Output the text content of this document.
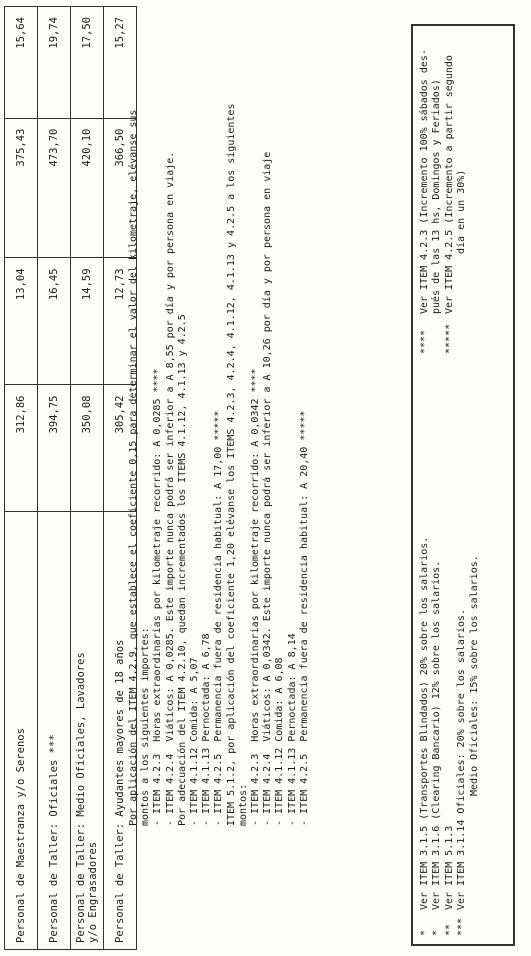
Personal de Maestranza y/o Serenos	312,86	13,04	375,43	15,64
Personal de Taller: Oficiales ***	394,75	16,45	473,70	19,74

Personal de Taller: Medio Oficiales, Lavadores y/o Engrasadores	350,08	14,59	420,10	17,50
Personal de Taller: Ayudantes mayores de 18 años	305,42	12,73	366,50	15,27
Por aplicación del ITEM 4.2.9, que establece el coeficiente 0,15 para determinar el valor del kilometraje, elévanse sus montos a los siguientes importes: - ITEM 4.2.3  Horas extraordinarias por kilometraje recorrido: A 0,0285 ****
- ITEM 4.2.4  Viáticos: A 0,0285. Este importe nunca podrá ser inferior a A 8,55 por día y por persona en viaje. Por adecuación del ITEM 4.2.10, quedan incrementados los ITEMS 4.1.12, 4.1.13 y 4.2.5 - ITEM 4.1.12 Comida: A 5,07 - ITEM 4.1.13 Pernoctada: A 6,78 - ITEM 4.2.5  Permanencia fuera de residencia habitual: A 17,00 ***** ITEM 5.1.2, por aplicación del coeficiente 1,20 elévanse los ITEMS 4.2.3, 4.2.4, 4.1.12, 4.1.13 y 4.2.5 a los siguientes montos: - ITEM 4.2.3  Horas extraordinarias por kilometraje recorrido: A 0,0342 ****
- ITEM 4.2.4  Viáticos: A 0,0342. Este importe nunca podrá ser inferior a A 10,26 por día y por persona en viaje
- ITEM 4.1.12 Comida: A 6,08 - ITEM 4.1.13 Pernoctada: A 8,14 - ITEM 4.2.5  Permanencia fuera de residencia habitual: A 20,40 *****
*Ver ITEM 3.1.5 (Transportes Blindados) 20% sobre los salarios.
*Ver ITEM 3.1.6 (Clearing Bancario) 12% sobre los salarios.
**Ver ITEM 5.1.3
***Ver ITEM 3.1.14 Oficiales: 20% sobre los salarios. Medio Oficiales: 15% sobre los salarios.
****Ver ITEM 4.2.3 (Incremento 100% sábados des- pués de las 13 hs, Domingos y Feriados)
*****Ver ITEM 4.2.5 (Incremento a partir segundo día en un 30%)
